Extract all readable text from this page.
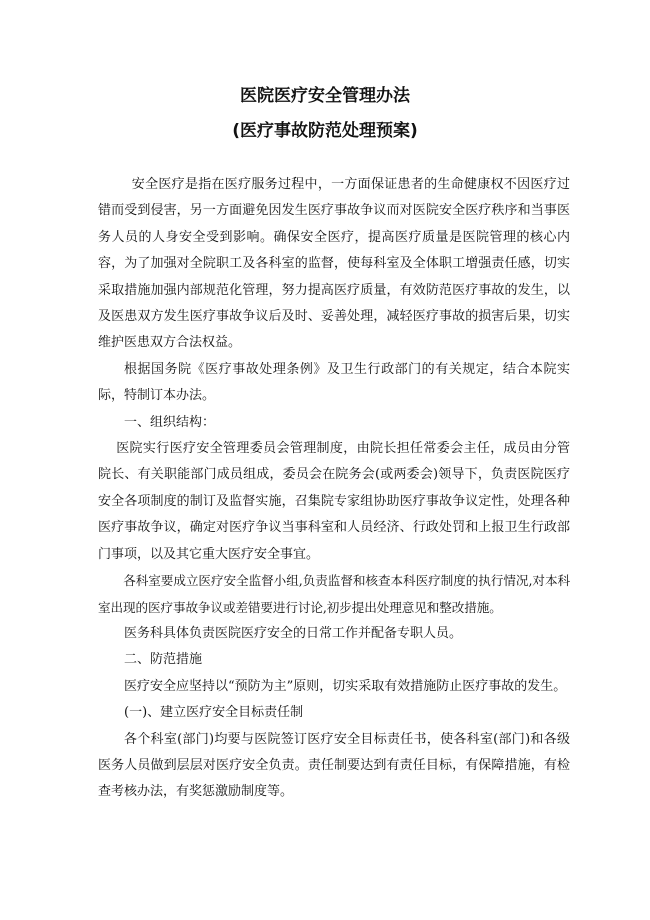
医院医疗安全管理办法
(医疗事故防范处理预案)

安全医疗是指在医疗服务过程中，一方面保证患者的生命健康权不因医疗过错而受到侵害，另一方面避免因发生医疗事故争议而对医院安全医疗秩序和当事医务人员的人身安全受到影响。确保安全医疗，提高医疗质量是医院管理的核心内容，为了加强对全院职工及各科室的监督，使每科室及全体职工增强责任感，切实采取措施加强内部规范化管理，努力提高医疗质量，有效防范医疗事故的发生，以及医患双方发生医疗事故争议后及时、妥善处理，减轻医疗事故的损害后果，切实维护医患双方合法权益。

根据国务院《医疗事故处理条例》及卫生行政部门的有关规定，结合本院实际，特制订本办法。

一、组织结构：

医院实行医疗安全管理委员会管理制度，由院长担任常委会主任，成员由分管院长、有关职能部门成员组成，委员会在院务会(或两委会)领导下，负责医院医疗安全各项制度的制订及监督实施，召集院专家组协助医疗事故争议定性，处理各种医疗事故争议，确定对医疗争议当事科室和人员经济、行政处罚和上报卫生行政部门事项，以及其它重大医疗安全事宜。

各科室要成立医疗安全监督小组,负责监督和核查本科医疗制度的执行情况,对本科室出现的医疗事故争议或差错要进行讨论,初步提出处理意见和整改措施。

医务科具体负责医院医疗安全的日常工作并配备专职人员。

二、防范措施

医疗安全应坚持以“预防为主”原则，切实采取有效措施防止医疗事故的发生。

(一)、建立医疗安全目标责任制

各个科室(部门)均要与医院签订医疗安全目标责任书，使各科室(部门)和各级医务人员做到层层对医疗安全负责。责任制要达到有责任目标，有保障措施，有检查考核办法，有奖惩激励制度等。
